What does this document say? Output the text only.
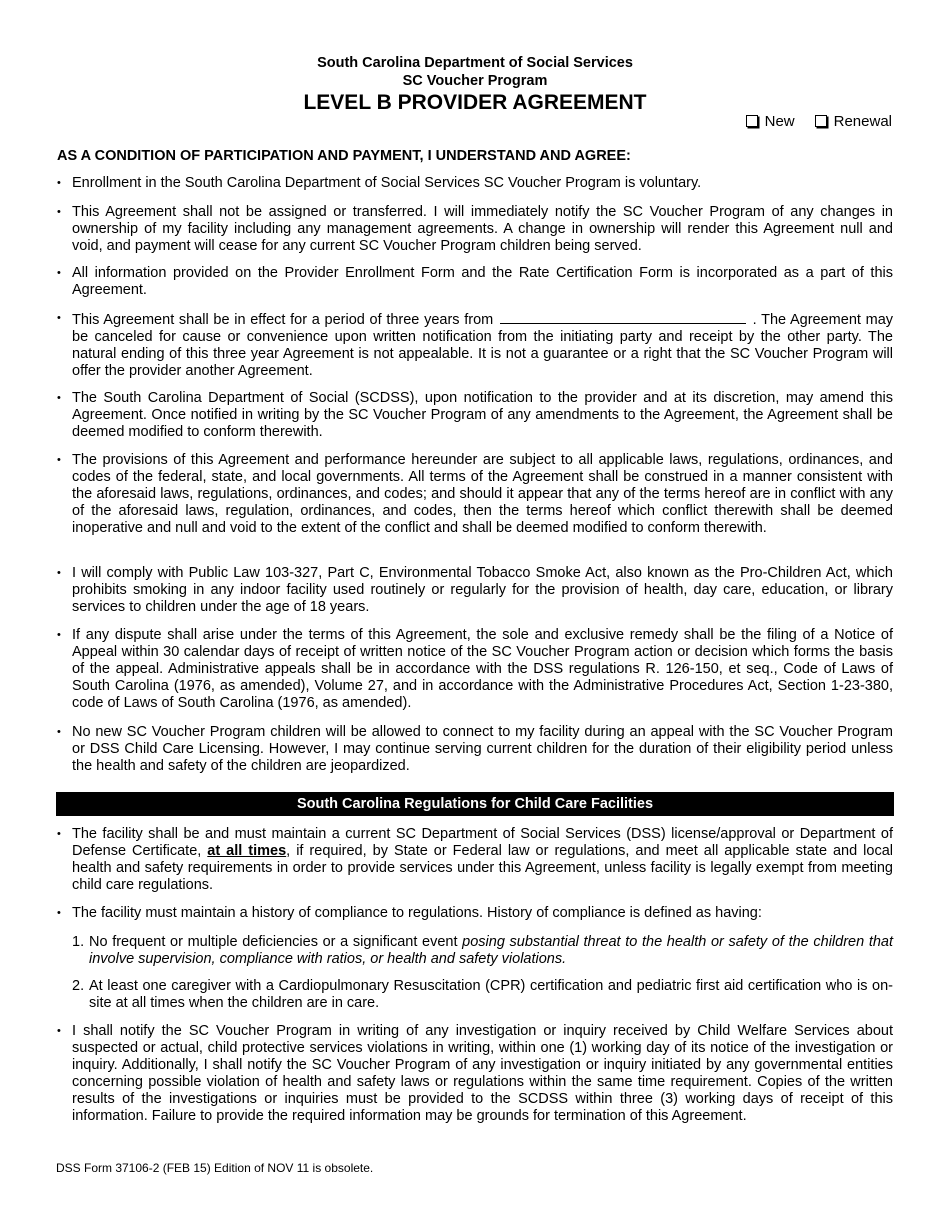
South Carolina Department of Social Services
SC Voucher Program
LEVEL B PROVIDER AGREEMENT
New	Renewal
AS A CONDITION OF PARTICIPATION AND PAYMENT, I UNDERSTAND AND AGREE:
• Enrollment in the South Carolina Department of Social Services SC Voucher Program is voluntary.
• This Agreement shall not be assigned or transferred. I will immediately notify the SC Voucher Program of any changes in ownership of my facility including any management agreements. A change in ownership will render this Agreement null and void, and payment will cease for any current SC Voucher Program children being served.
• All information provided on the Provider Enrollment Form and the Rate Certification Form is incorporated as a part of this Agreement.
• This Agreement shall be in effect for a period of three years from	. The Agreement may be canceled for cause or convenience upon written notification from the initiating party and receipt by the other party. The natural ending of this three year Agreement is not appealable. It is not a guarantee or a right that the SC Voucher Program will offer the provider another Agreement.
• The South Carolina Department of Social (SCDSS), upon notification to the provider and at its discretion, may amend this Agreement. Once notified in writing by the SC Voucher Program of any amendments to the Agreement, the Agreement shall be deemed modified to conform therewith.
• The provisions of this Agreement and performance hereunder are subject to all applicable laws, regulations, ordinances, and codes of the federal, state, and local governments. All terms of the Agreement shall be construed in a manner consistent with the aforesaid laws, regulations, ordinances, and codes; and should it appear that any of the terms hereof are in conflict with any of the aforesaid laws, regulation, ordinances, and codes, then the terms hereof which conflict therewith shall be deemed inoperative and null and void to the extent of the conflict and shall be deemed modified to conform therewith.
• I will comply with Public Law 103-327, Part C, Environmental Tobacco Smoke Act, also known as the Pro-Children Act, which prohibits smoking in any indoor facility used routinely or regularly for the provision of health, day care, education, or library services to children under the age of 18 years.
• If any dispute shall arise under the terms of this Agreement, the sole and exclusive remedy shall be the filing of a Notice of Appeal within 30 calendar days of receipt of written notice of the SC Voucher Program action or decision which forms the basis of the appeal. Administrative appeals shall be in accordance with the DSS regulations R. 126-150, et seq., Code of Laws of South Carolina (1976, as amended), Volume 27, and in accordance with the Administrative Procedures Act, Section 1-23-380, code of Laws of South Carolina (1976, as amended).
• No new SC Voucher Program children will be allowed to connect to my facility during an appeal with the SC Voucher Program or DSS Child Care Licensing. However, I may continue serving current children for the duration of their eligibility period unless the health and safety of the children are jeopardized.
South Carolina Regulations for Child Care Facilities
• The facility shall be and must maintain a current SC Department of Social Services (DSS) license/approval or Department of Defense Certificate, at all times, if required, by State or Federal law or regulations, and meet all applicable state and local health and safety requirements in order to provide services under this Agreement, unless facility is legally exempt from meeting child care regulations.
• The facility must maintain a history of compliance to regulations. History of compliance is defined as having:
1. No frequent or multiple deficiencies or a significant event posing substantial threat to the health or safety of the children that involve supervision, compliance with ratios, or health and safety violations.
2. At least one caregiver with a Cardiopulmonary Resuscitation (CPR) certification and pediatric first aid certification who is on-site at all times when the children are in care.
• I shall notify the SC Voucher Program in writing of any investigation or inquiry received by Child Welfare Services about suspected or actual, child protective services violations in writing, within one (1) working day of its notice of the investigation or inquiry. Additionally, I shall notify the SC Voucher Program of any investigation or inquiry initiated by any governmental entities concerning possible violation of health and safety laws or regulations within the same time requirement. Copies of the written results of the investigations or inquiries must be provided to the SCDSS within three (3) working days of receipt of this information. Failure to provide the required information may be grounds for termination of this Agreement.
DSS Form 37106-2 (FEB 15) Edition of NOV 11 is obsolete.
